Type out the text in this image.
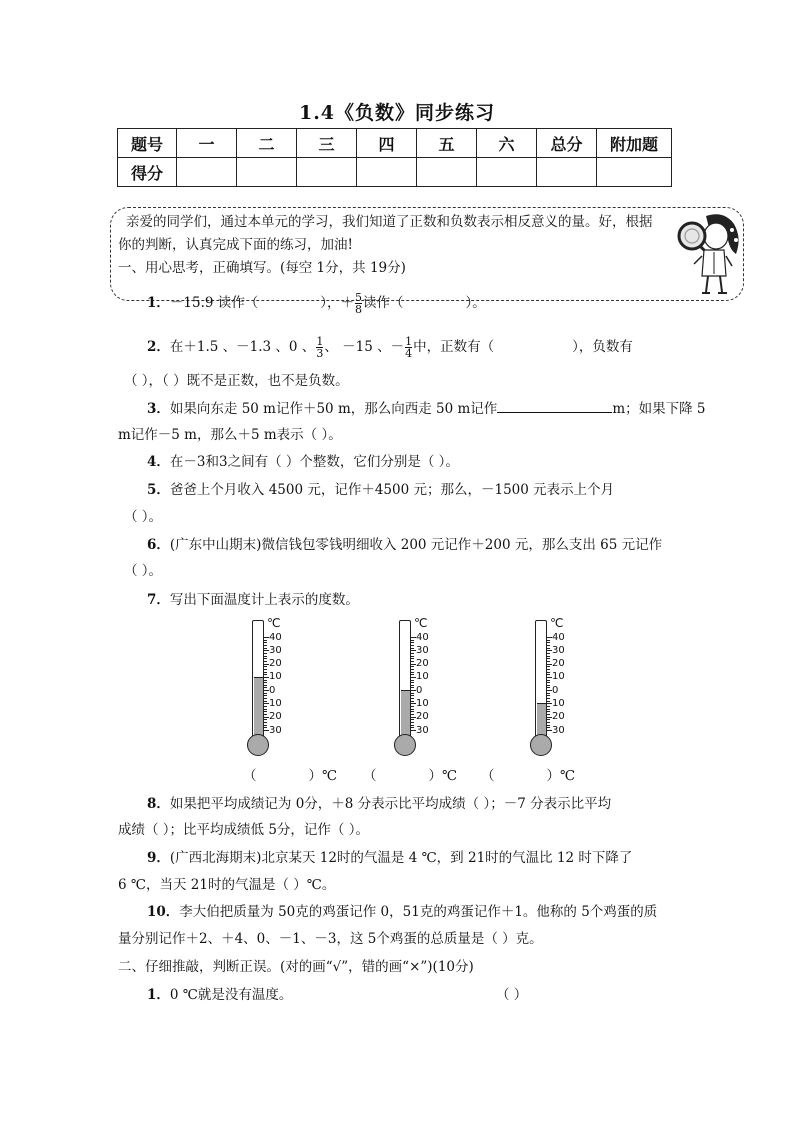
1.4《负数》同步练习
题号	一	二	三	四	五	六	总分	附加题
得分								
亲爱的同学们，通过本单元的学习，我们知道了正数和负数表示相反意义的量。好，根据
你的判断，认真完成下面的练习，加油!
一、用心思考，正确填写。(每空 1分，共 19分)
1．－15.9 读作（	），＋ $\frac{5}{8}$ 读作（	）。
2．在＋1.5 、－1.3 、0 、 $\frac{1}{3}$ 、 －15 、－ $\frac{1}{4}$ 中，正数有（	），负数有
（ ），（ ）既不是正数，也不是负数。
3．如果向东走 50 m记作＋50 m，那么向西走 50 m记作	m；如果下降 5
m记作－5 m，那么＋5 m表示（ ）。
4．在－3和3之间有（ ）个整数，它们分别是（ ）。
5．爸爸上个月收入 4500 元，记作＋4500 元；那么，－1500 元表示上个月
（ ）。
6．(广东中山期末)微信钱包零钱明细收入 200 元记作＋200 元，那么支出 65 元记作
（ ）。
7．写出下面温度计上表示的度数。
℃
40
30
20
10
0
10
20
30
℃
40
30
20
10
0
10
20
30
℃
40
30
20
10
0
10
20
30
（	）℃ （	）℃ （	）℃
8．如果把平均成绩记为 0分，＋8 分表示比平均成绩（ ）；－7 分表示比平均
成绩（ ）；比平均成绩低 5分，记作（ ）。
9．(广西北海期末)北京某天 12时的气温是 4 ℃，到 21时的气温比 12 时下降了
6 ℃，当天 21时的气温是（ ）℃。
10．李大伯把质量为 50克的鸡蛋记作 0，51克的鸡蛋记作＋1。他称的 5个鸡蛋的质
量分别记作＋2、＋4、0、－1、－3，这 5个鸡蛋的总质量是（ ）克。
二、仔细推敲，判断正误。(对的画“√”，错的画“×”)(10分)
1．0 ℃就是没有温度。	（ ）
